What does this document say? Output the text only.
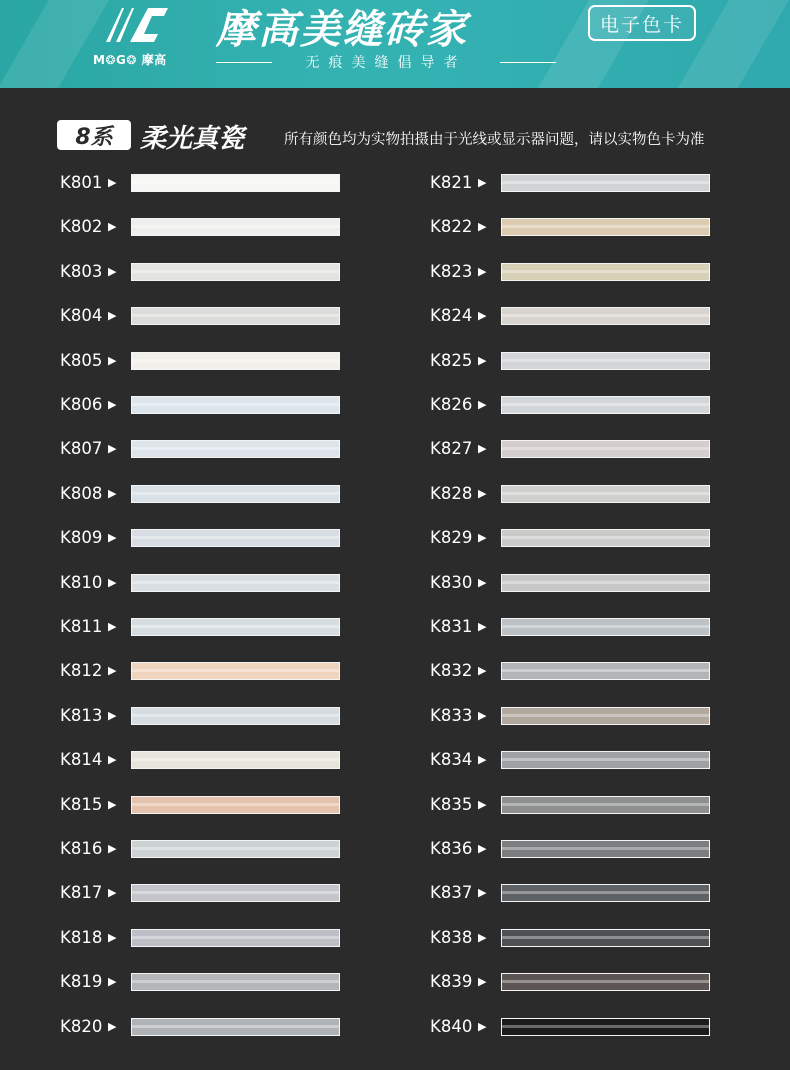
M❂G❂ 摩高
摩高美缝砖家
无痕美缝倡导者
电子色卡
8系 柔光真瓷	所有颜色均为实物拍摄由于光线或显示器问题，请以实物色卡为准
K801 ▶
K802 ▶
K803 ▶
K804 ▶
K805 ▶
K806 ▶
K807 ▶
K808 ▶
K809 ▶
K810 ▶
K811 ▶
K812 ▶
K813 ▶
K814 ▶
K815 ▶
K816 ▶
K817 ▶
K818 ▶
K819 ▶
K820 ▶
K821 ▶
K822 ▶
K823 ▶
K824 ▶
K825 ▶
K826 ▶
K827 ▶
K828 ▶
K829 ▶
K830 ▶
K831 ▶
K832 ▶
K833 ▶
K834 ▶
K835 ▶
K836 ▶
K837 ▶
K838 ▶
K839 ▶
K840 ▶
